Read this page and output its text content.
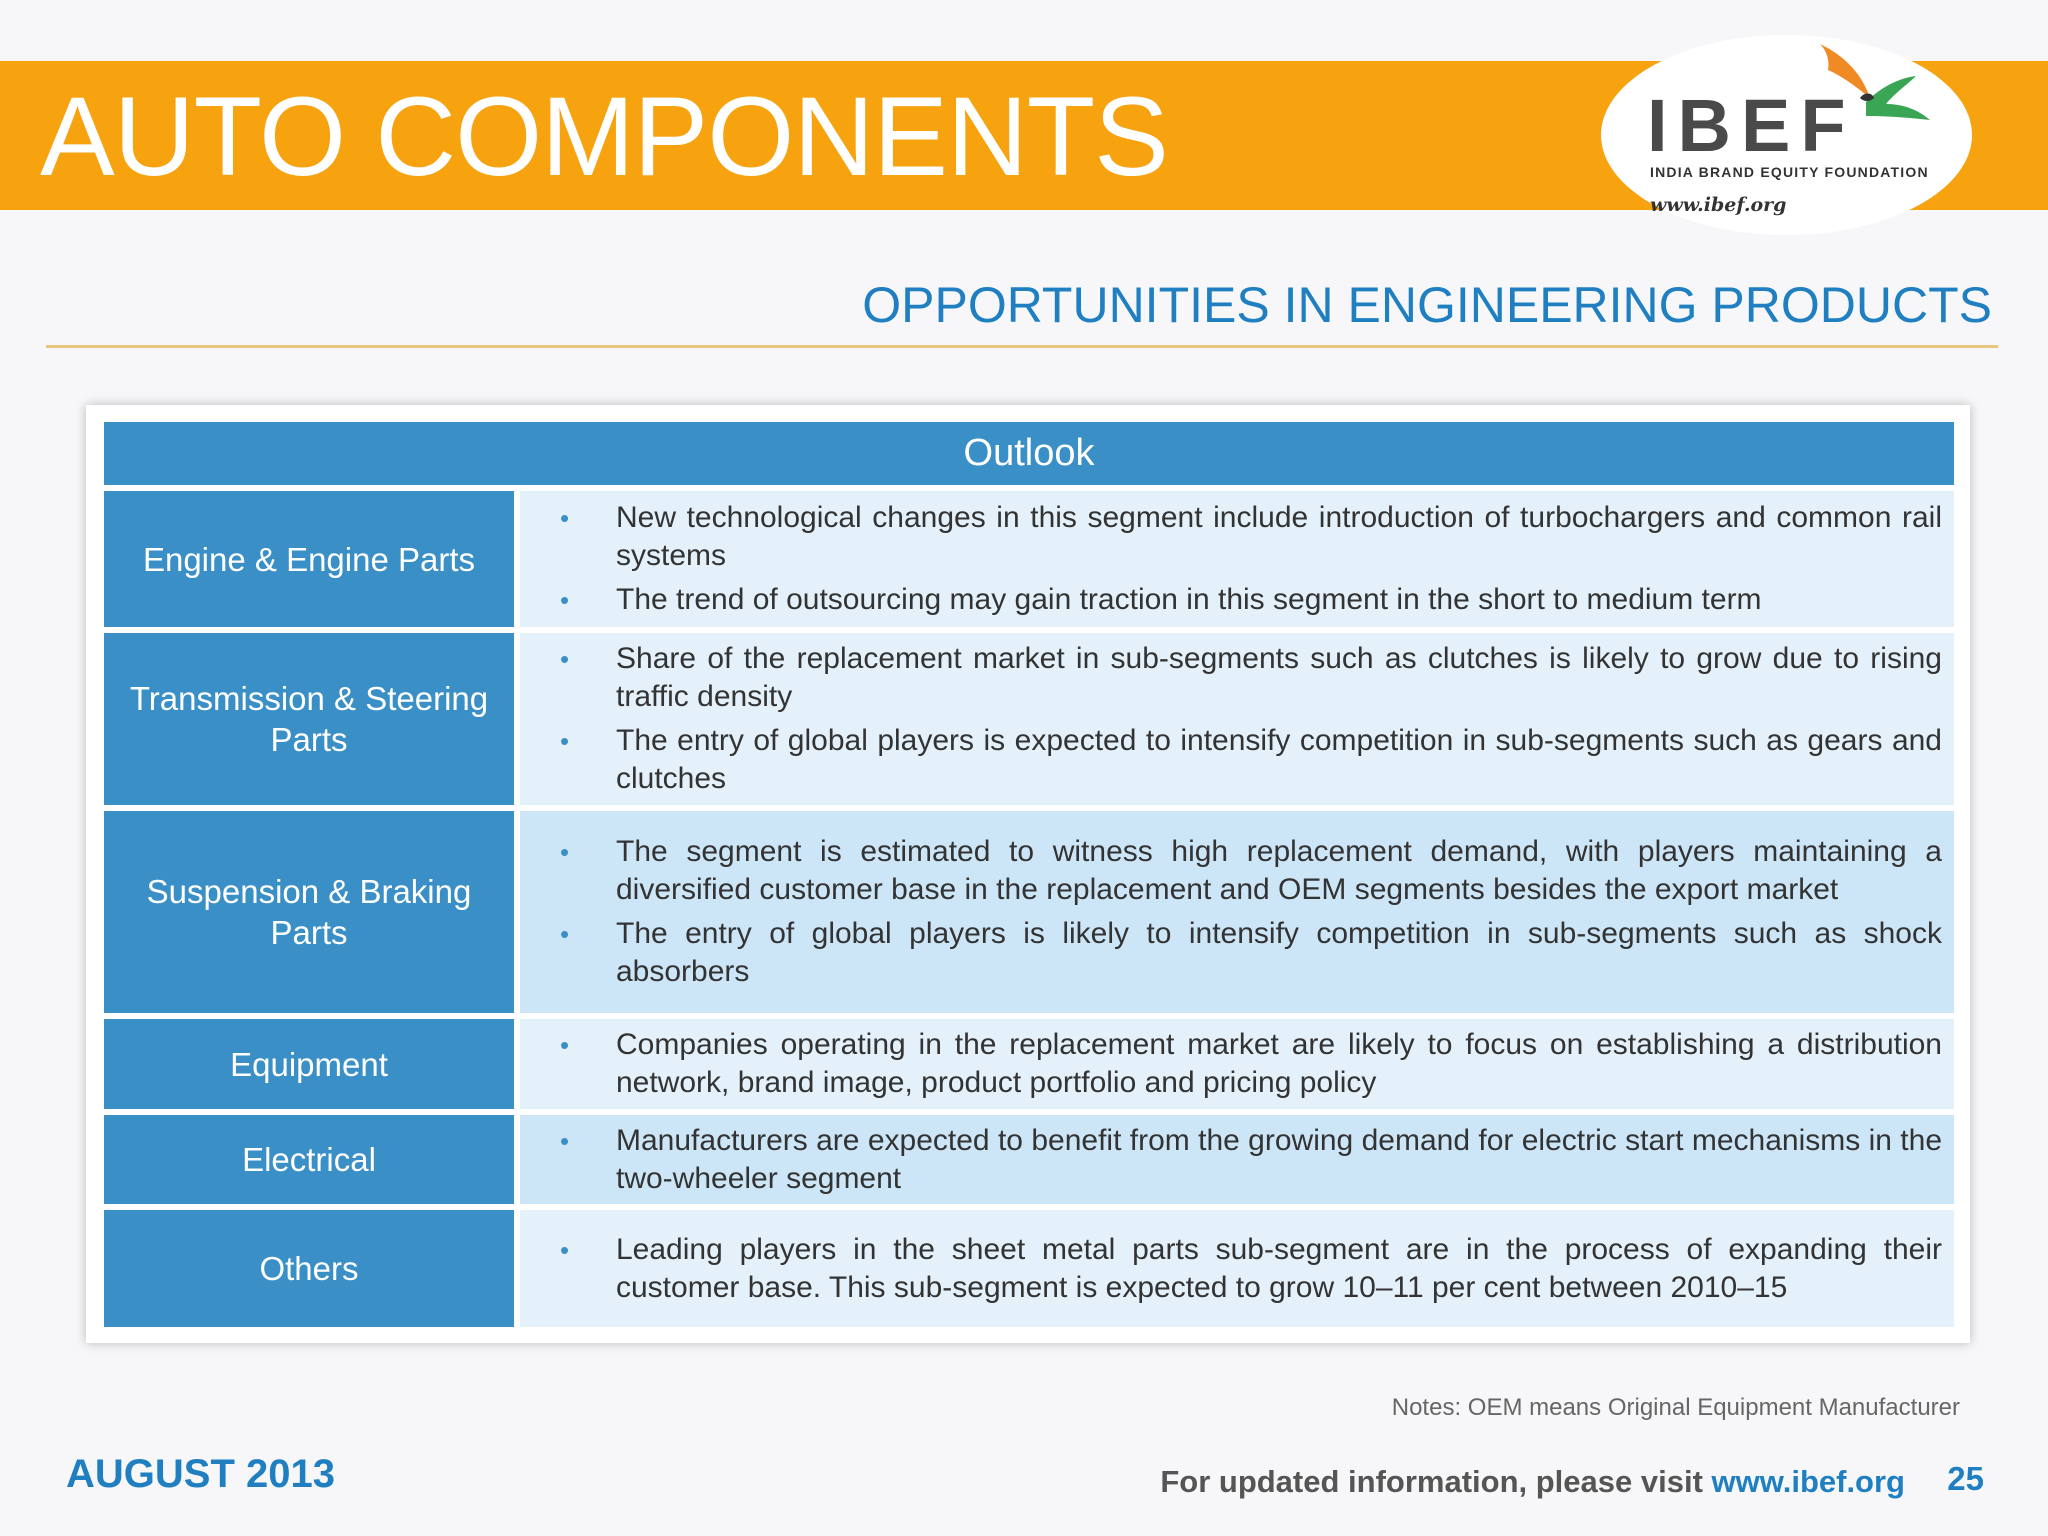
AUTO COMPONENTS	IBEF
INDIA BRAND EQUITY FOUNDATION
www.ibef.org
OPPORTUNITIES IN ENGINEERING PRODUCTS
Outlook
Engine & Engine Parts
• New technological changes in this segment include introduction of turbochargers and common rail systems
• The trend of outsourcing may gain traction in this segment in the short to medium term
Transmission & Steering Parts
• Share of the replacement market in sub-segments such as clutches is likely to grow due to rising traffic density
• The entry of global players is expected to intensify competition in sub-segments such as gears and clutches
Suspension & Braking Parts
• The segment is estimated to witness high replacement demand, with players maintaining a diversified customer base in the replacement and OEM segments besides the export market
• The entry of global players is likely to intensify competition in sub-segments such as shock absorbers
Equipment
• Companies operating in the replacement market are likely to focus on establishing a distribution network, brand image, product portfolio and pricing policy
Electrical
• Manufacturers are expected to benefit from the growing demand for electric start mechanisms in the two-wheeler segment
Others
• Leading players in the sheet metal parts sub-segment are in the process of expanding their customer base. This sub-segment is expected to grow 10–11 per cent between 2010–15
Notes: OEM means Original Equipment Manufacturer
AUGUST 2013	For updated information, please visit www.ibef.org 25
